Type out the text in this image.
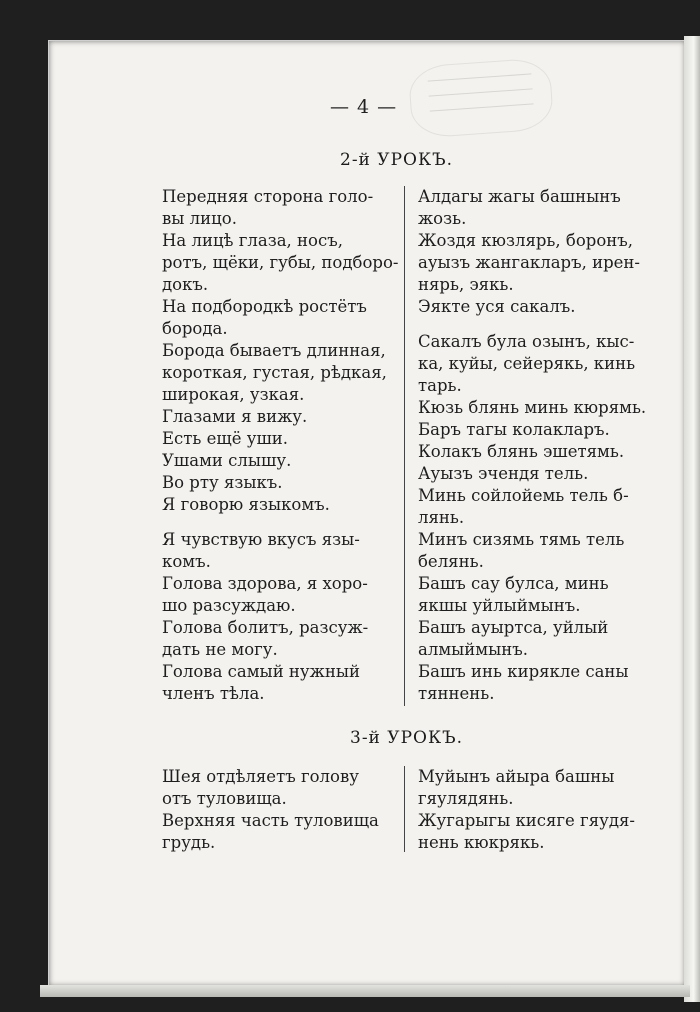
— 4 —
2-й УРОКЪ.

Передняя сторона голо-

вы лицо.

На лицѣ глаза, носъ,

ротъ, щёки, губы, подборо-

докъ.

На подбородкѣ ростётъ

борода.

Борода бываетъ длинная,

короткая, густая, рѣдкая,

широкая, узкая.

Глазами я вижу.

Есть ещё уши.

Ушами слышу.

Во рту языкъ.

Я говорю языкомъ.

Я чувствую вкусъ язы-

комъ.

Голова здорова, я хоро-

шо разсуждаю.

Голова болитъ, разсуж-

дать не могу.

Голова самый нужный

членъ тѣла.

Алдагы жагы башнынъ

жозь.

Жоздя кюзлярь, боронъ,

ауызъ жангакларъ, ирен-

нярь, эякь.

Эякте уся сакалъ.

Сакалъ була озынъ, кыс-

ка, куйы, сейерякь, кинь

тарь.

Кюзь блянь минь кюрямь.

Баръ тагы колакларъ.

Колакъ блянь эшетямь.

Ауызъ эчендя тель.

Минь сойлойемь тель б-

лянь.

Минъ сизямь тямь тель

белянь.

Башъ сау булса, минь

якшы уйлыймынъ.

Башъ ауыртса, уйлый

алмыймынъ.

Башъ инь кирякле саны

тяннень.

3-й УРОКЪ.

Шея отдѣляетъ голову

отъ туловища.

Верхняя часть туловища

грудь.

Муйынъ айыра башны

гяулядянь.

Жугарыгы кисяге гяудя-

нень кюкрякь.
